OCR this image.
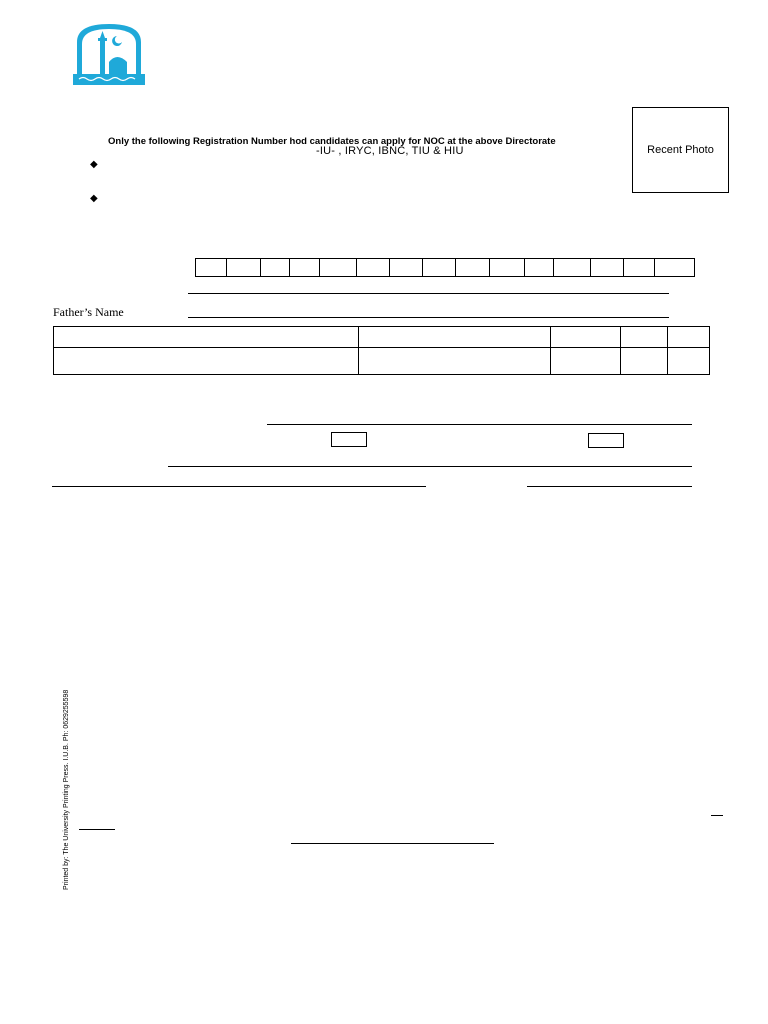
Recent Photo
Only the following Registration Number hod candidates can apply for NOC at the above Directorate
-IU- , IRYC, IBNC, TIU & HIU
◆
◆
Father’s Name

Printed by: The University Printing Press. I.U.B. Ph: 0629255598
